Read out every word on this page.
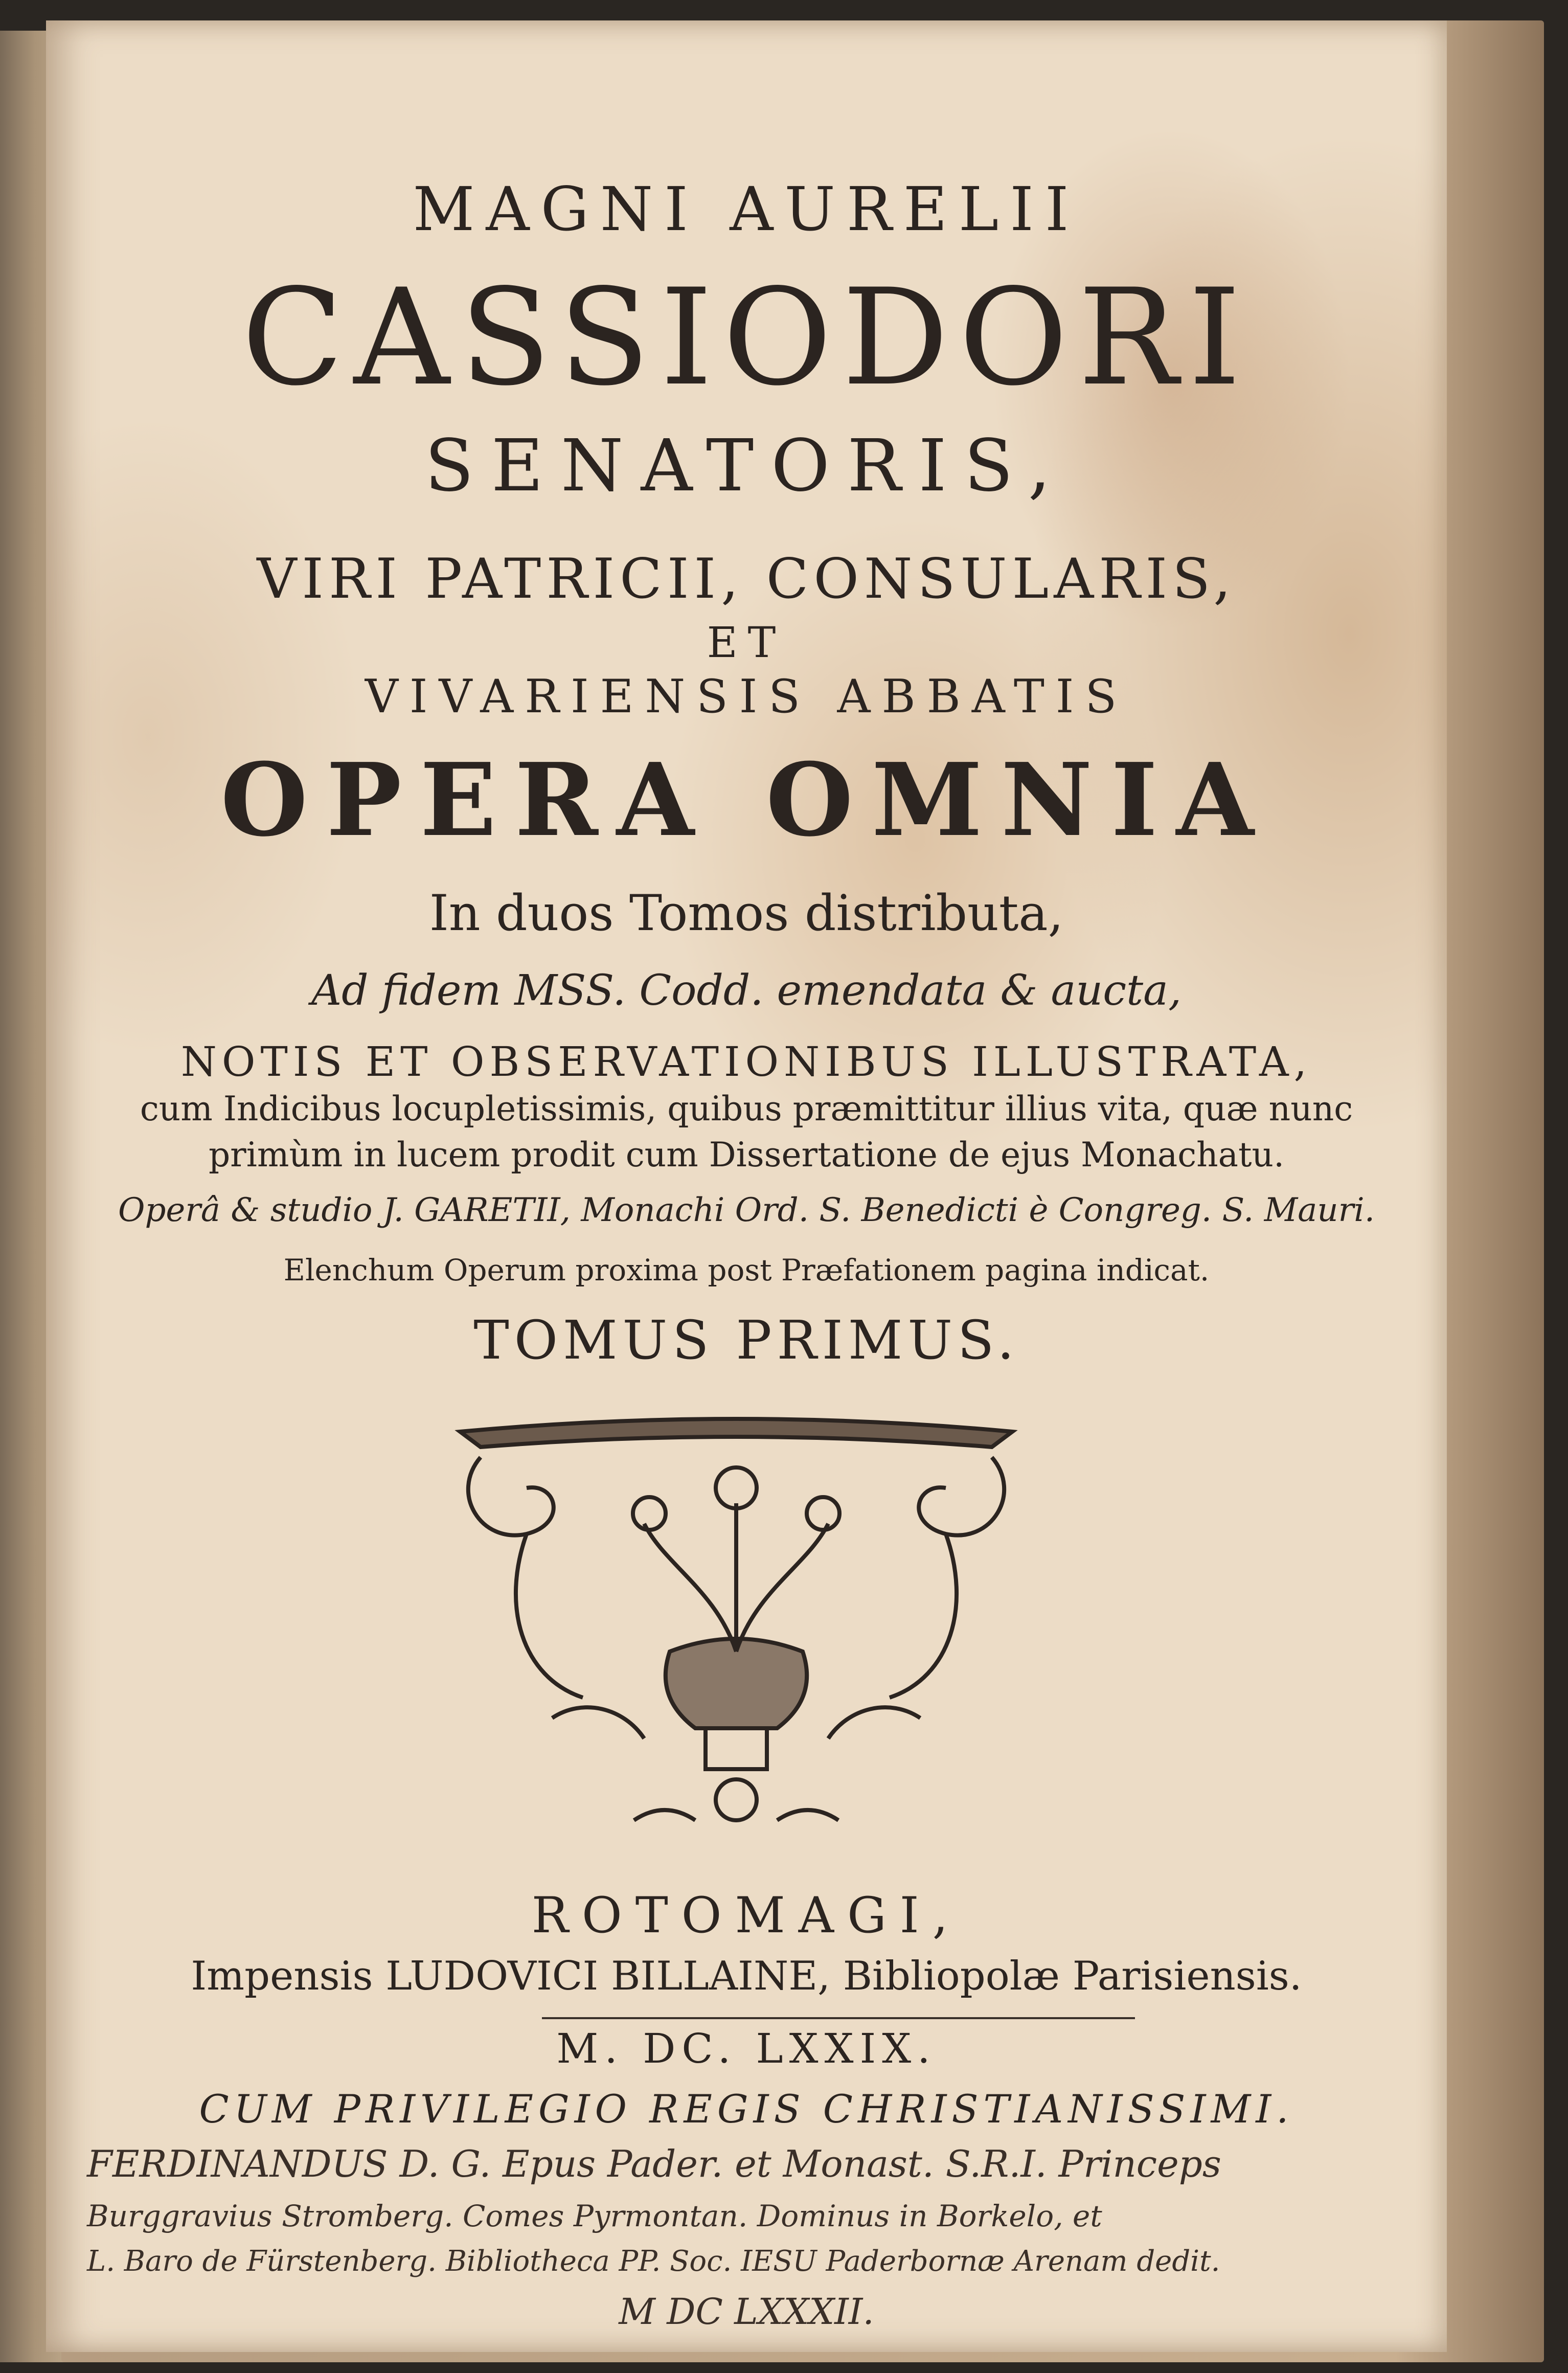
MAGNI AURELII
CASSIODORI
SENATORIS,
VIRI PATRICII, CONSULARIS,
ET
VIVARIENSIS ABBATIS
OPERA OMNIA
In duos Tomos distributa,
Ad fidem MSS. Codd. emendata & aucta,
NOTIS ET OBSERVATIONIBUS ILLUSTRATA,
cum Indicibus locupletissimis, quibus præmittitur illius vita, quæ nunc
primùm in lucem prodit cum Dissertatione de ejus Monachatu.
Operâ & studio J. GARETII, Monachi Ord. S. Benedicti è Congreg. S. Mauri.
Elenchum Operum proxima post Præfationem pagina indicat.
TOMUS PRIMUS.
ROTOMAGI,
Impensis LUDOVICI BILLAINE, Bibliopolæ Parisiensis.
M. DC. LXXIX.
CUM PRIVILEGIO REGIS CHRISTIANISSIMI.
FERDINANDUS D. G. Epus Pader. et Monast. S.R.I. Princeps
Burggravius Stromberg. Comes Pyrmontan. Dominus in Borkelo, et
L. Baro de Fürstenberg. Bibliotheca PP. Soc. IESU Paderbornæ Arenam dedit.
M DC LXXXII.
